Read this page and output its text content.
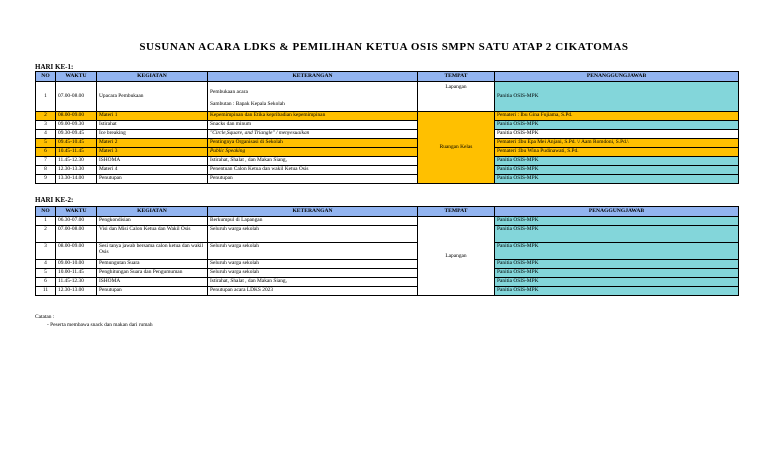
SUSUNAN ACARA LDKS & PEMILIHAN KETUA OSIS SMPN SATU ATAP 2 CIKATOMAS
HARI KE-1:
NO	WAKTU	KEGIATAN	KETERANGAN	TEMPAT	PENANGGUNGJAWAB
1	07.00-08.00	Upacara Pembukaan	Pembukaan acara
Sambutan : Bapak Kepala Sekolah	Lapangan	Panitia OSIS-MPK
2	08.00-09.00	Materi 1	Kepemimpinan dan Etika kepribadian kepemimpinan	Ruangan Kelas	Pemateri : Ibu Gina Fujiama, S.Pd.
3	09.00-09.30	Istirahat	Snacks dan minum		Panitia OSIS-MPK
4	09.30-09.45	Ice breaking	"Circle,Square, and Triangle" / menyesuaikan		Panitia OSIS-MPK
5	09.45-10.45	Materi 2	Pentingnya Organisasi di Sekolah		Pemateri :Ibu Epa Mei Anjani, S.Pd. \/ Aam Romdoni, S.Pd.\
6	10.45-11.45	Materi 3	Public Speaking		Pemateri :Ibu Wina Pudinawati, S.Pd.
7	11.45-12.30	ISHOMA	Istirahat, Shalat , dan Makan Siang,		Panitia OSIS-MPK
8	12.30-13.30	Materi 4	Penentuan Calon Ketua dan wakil Ketua Osis		Panitia OSIS-MPK
9	13.30-14.00	Penutupan	Penutupan		Panitia OSIS-MPK
HARI KE-2:
NO	WAKTU	KEGIATAN	KETERANGAN	TEMPAT	PENAGGUNGJAWAB
1	06.30-07.00	Pengkondisian	Berkumpul di Lapangan	Lapangan	Panitia OSIS-MPK
2	07.00-08.00	Visi dan Misi Calon Ketua dan Wakil Osis	Seluruh warga sekolah		Panitia OSIS-MPK
3	08.00-09.00	Sesi tanya jawab bersama calon ketua dan wakil Osis	Seluruh warga sekolah		Panitia OSIS-MPK
4	09.00-10.00	Pemungutan Suara	Seluruh warga sekolah		Panitia OSIS-MPK
5	10.00-11.45	Penghitungan Suara dan Pengumuman	Seluruh warga sekolah		Panitia OSIS-MPK
6	11.45-12.30	ISHOMA	Istirahat, Shalat , dan Makan Siang,		Panitia OSIS-MPK
11	12.30-13.00	Penutupan	Penutupan acara LDKS 2023		Panitia OSIS-MPK
Catatan :
- Peserta membawa snack dan makan dari rumah
